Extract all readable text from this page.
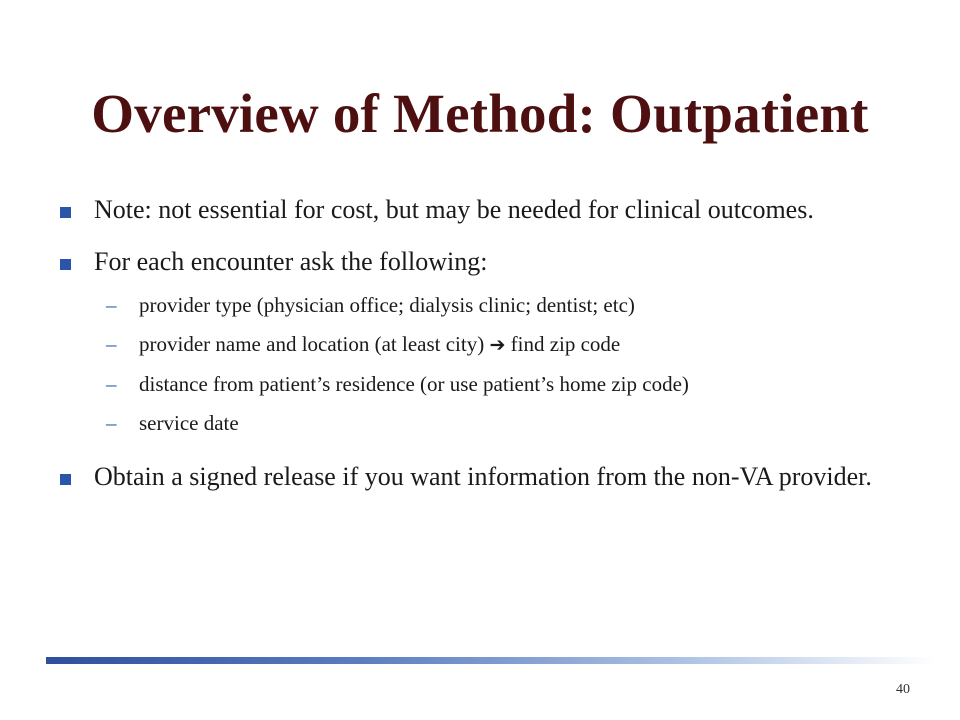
Overview of Method: Outpatient
Note: not essential for cost, but may be needed for clinical outcomes.
For each encounter ask the following:
– provider type (physician office; dialysis clinic; dentist; etc)
– provider name and location (at least city) ➔ find zip code
– distance from patient’s residence (or use patient’s home zip code)
– service date
Obtain a signed release if you want information from the non-VA provider.
40
